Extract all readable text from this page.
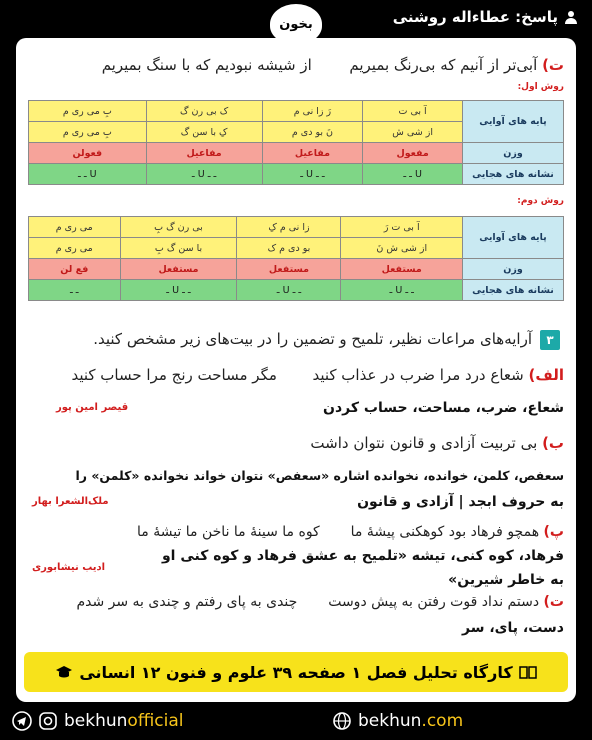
پاسخ: عطاءاله روشنی
بخون
ت) آبی‌تر از آنیم که بی‌رنگ بمیریم  از شیشه نبودیم که با سنگ بمیریم
روش اول:
پایه های آوایی	آ بی ت	رَ زا نی م	ک بی رن گ	بِ می ری م
	از شی ش	نَ بو دی م	کِ با سن گ	بِ می ری م
وزن	مفعول	مفاعیل	مفاعیل	فعولن
نشانه های هجایی	U ـ ـ	ـ ـ U ـ	ـ ـ U ـ	U ـ ـ
روش دوم:
پایه های آوایی	آ بی ت رَ	زا نی م کِ	بی رن گ بِ	می ری م
	از شی ش نَ	بو دی م ک	با سن گ بِ	می ری م
وزن	مستفعل	مستفعل	مستفعل	فع لن
نشانه های هجایی	ـ ـ U ـ	ـ ـ U ـ	ـ ـ U ـ	ـ ـ
۳
آرایه‌های مراعات نظیر، تلمیح و تضمین را در بیت‌های زیر مشخص کنید.
الف) شعاع درد مرا ضرب در عذاب کنید  مگر مساحت رنج مرا حساب کنید
شعاع، ضرب، مساحت، حساب کردن
قیصر امین پور
ب) بی تربیت آزادی و قانون نتوان داشت
سعفص، کلمن، خوانده، نخوانده اشاره «سعفص» نتوان خواند نخوانده «کلمن» را
به حروف ابجد | آزادی و قانون
ملک‌الشعرا بهار
پ) همچو فرهاد بود کوهکنی پیشهٔ ما  کوه ما سینهٔ ما ناخن ما تیشهٔ ما
فرهاد، کوه کنی، تیشه «تلمیح به عشق فرهاد و کوه کنی او
به خاطر شیرین»
ادیب نیشابوری
ت) دستم نداد قوت رفتن به پیش دوست  چندی به پای رفتم و چندی به سر شدم
دست، پای، سر
کارگاه تحلیل فصل ۱ صفحه ۳۹ علوم و فنون ۱۲ انسانی
bekhunofficial	bekhun.com
